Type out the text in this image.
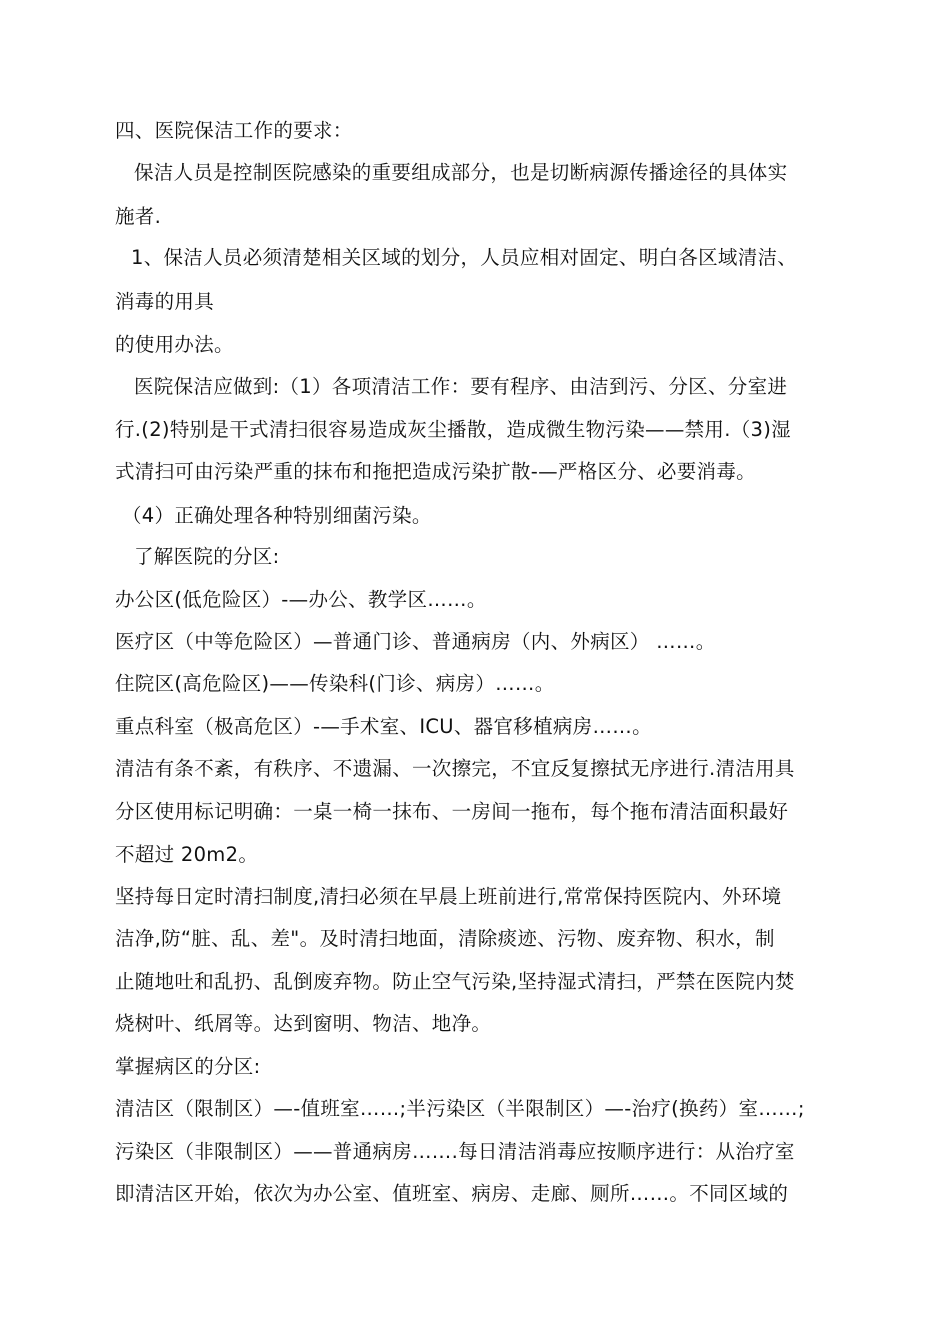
四、医院保洁工作的要求：
保洁人员是控制医院感染的重要组成部分，也是切断病源传播途径的具体实
施者.
1、保洁人员必须清楚相关区域的划分，人员应相对固定、明白各区域清洁、
消毒的用具
的使用办法。
医院保洁应做到:（1）各项清洁工作：要有程序、由洁到污、分区、分室进
行.(2)特别是干式清扫很容易造成灰尘播散，造成微生物污染——禁用.（3)湿
式清扫可由污染严重的抹布和拖把造成污染扩散-—严格区分、必要消毒。
（4）正确处理各种特别细菌污染。
了解医院的分区:
办公区(低危险区）-—办公、教学区……。
医疗区（中等危险区）—普通门诊、普通病房（内、外病区） ……。
住院区(高危险区)——传染科(门诊、病房）……。
重点科室（极高危区）-—手术室、ICU、器官移植病房……。
清洁有条不紊，有秩序、不遗漏、一次擦完，不宜反复擦拭无序进行.清洁用具
分区使用标记明确：一桌一椅一抹布、一房间一拖布，每个拖布清洁面积最好
不超过 20m2。
坚持每日定时清扫制度,清扫必须在早晨上班前进行,常常保持医院内、外环境
洁净,防“脏、乱、差"。及时清扫地面，清除痰迹、污物、废弃物、积水，制
止随地吐和乱扔、乱倒废弃物。防止空气污染,坚持湿式清扫，严禁在医院内焚
烧树叶、纸屑等。达到窗明、物洁、地净。
掌握病区的分区:
清洁区（限制区）—-值班室……;半污染区（半限制区）—-治疗(换药）室……;
污染区（非限制区）——普通病房…….每日清洁消毒应按顺序进行：从治疗室
即清洁区开始，依次为办公室、值班室、病房、走廊、厕所……。不同区域的
